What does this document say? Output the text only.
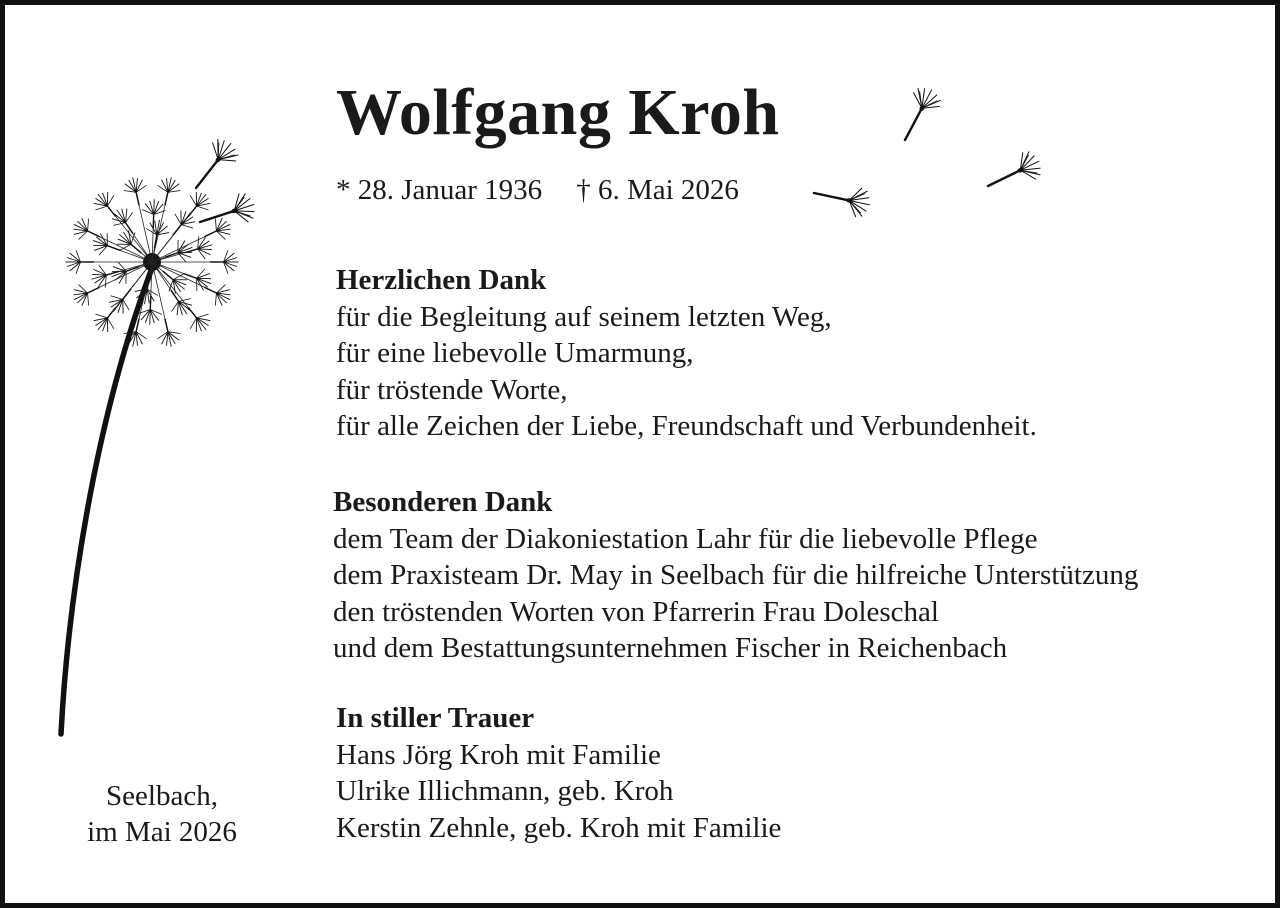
Wolfgang Kroh
* 28. Januar 1936 † 6. Mai 2026
Herzlichen Dank
für die Begleitung auf seinem letzten Weg,
für eine liebevolle Umarmung,
für tröstende Worte,
für alle Zeichen der Liebe, Freundschaft und Verbundenheit.
Besonderen Dank
dem Team der Diakoniestation Lahr für die liebevolle Pflege
dem Praxisteam Dr. May in Seelbach für die hilfreiche Unterstützung
den tröstenden Worten von Pfarrerin Frau Doleschal
und dem Bestattungsunternehmen Fischer in Reichenbach
In stiller Trauer
Hans Jörg Kroh mit Familie
Ulrike Illichmann, geb. Kroh
Kerstin Zehnle, geb. Kroh mit Familie
Seelbach,
im Mai 2026
